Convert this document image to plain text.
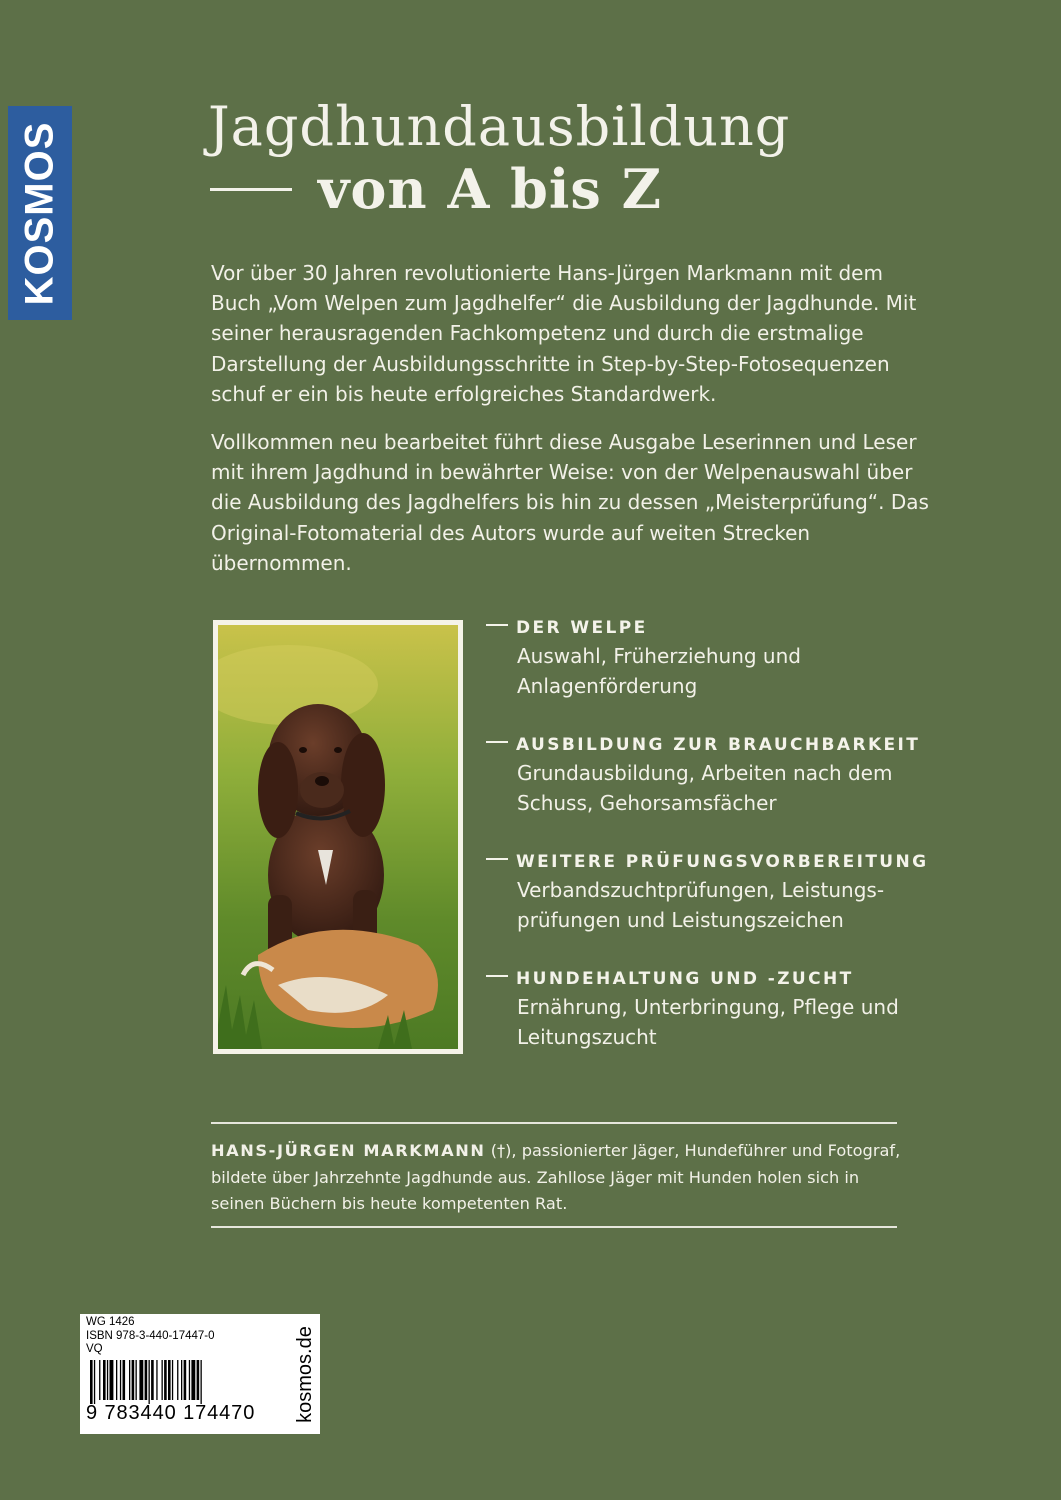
KOSMOS	Jagdhundausbildung
von A bis Z

Vor über 30 Jahren revolutionierte Hans-Jürgen Markmann mit dem Buch „Vom Welpen zum Jagdhelfer“ die Ausbildung der Jagdhunde. Mit seiner herausragenden Fachkompetenz und durch die erstmalige Darstellung der Ausbildungsschritte in Step-by-Step-Fotosequenzen schuf er ein bis heute erfolgreiches Standardwerk.

Vollkommen neu bearbeitet führt diese Ausgabe Leserinnen und Leser mit ihrem Jagdhund in bewährter Weise: von der Welpenauswahl über die Ausbildung des Jagdhelfers bis hin zu dessen „Meisterprüfung“. Das Original-Fotomaterial des Autors wurde auf weiten Strecken übernommen.

DER WELPE
Auswahl, Früherziehung und Anlagenförderung
AUSBILDUNG ZUR BRAUCHBARKEIT
Grundausbildung, Arbeiten nach dem Schuss, Gehorsamsfächer
WEITERE PRÜFUNGSVORBEREITUNG
Verbandszuchtprüfungen, Leistungsprüfungen und Leistungszeichen
HUNDEHALTUNG UND -ZUCHT
Ernährung, Unterbringung, Pflege und Leitungszucht
HANS-JÜRGEN MARKMANN (†), passionierter Jäger, Hundeführer und Fotograf, bildete über Jahrzehnte Jagdhunde aus. Zahllose Jäger mit Hunden holen sich in seinen Büchern bis heute kompetenten Rat.
WG 1426
ISBN 978-3-440-17447-0
VQ
9 783440 174470	kosmos.de
